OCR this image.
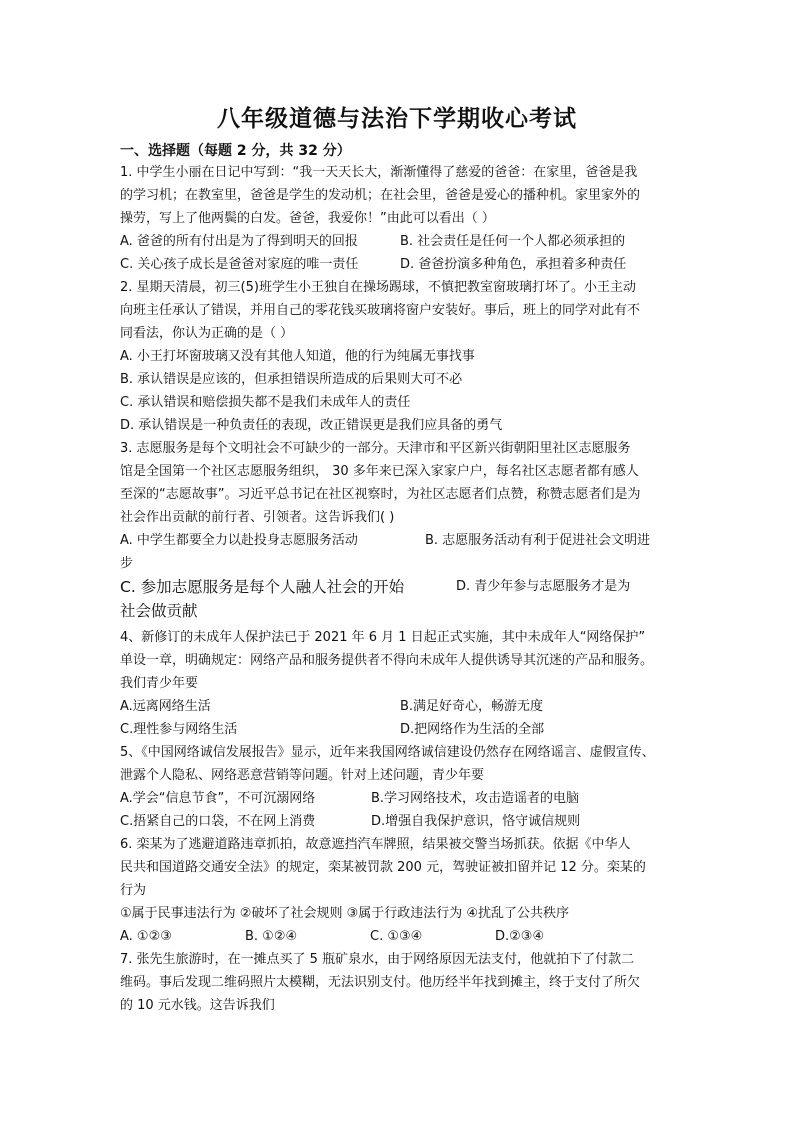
八年级道德与法治下学期收心考试
一、选择题（每题 2 分，共 32 分）
1. 中学生小丽在日记中写到：“我一天天长大，渐渐懂得了慈爱的爸爸：在家里，爸爸是我
的学习机；在教室里，爸爸是学生的发动机；在社会里，爸爸是爱心的播种机。家里家外的
操劳，写上了他两鬓的白发。爸爸，我爱你！”由此可以看出（ ）
A. 爸爸的所有付出是为了得到明天的回报	B. 社会责任是任何一个人都必须承担的
C. 关心孩子成长是爸爸对家庭的唯一责任	D. 爸爸扮演多种角色，承担着多种责任
2. 星期天清晨，初三(5)班学生小王独自在操场踢球，不慎把教室窗玻璃打坏了。小王主动
向班主任承认了错误，并用自己的零花钱买玻璃将窗户安装好。事后，班上的同学对此有不
同看法，你认为正确的是（ ）
A. 小王打坏窗玻璃又没有其他人知道，他的行为纯属无事找事
B. 承认错误是应该的，但承担错误所造成的后果则大可不必
C. 承认错误和赔偿损失都不是我们未成年人的责任
D. 承认错误是一种负责任的表现，改正错误更是我们应具备的勇气
3. 志愿服务是每个文明社会不可缺少的一部分。天津市和平区新兴街朝阳里社区志愿服务
馆是全国第一个社区志愿服务组织， 30 多年来已深入家家户户，每名社区志愿者都有感人
至深的“志愿故事”。习近平总书记在社区视察时，为社区志愿者们点赞，称赞志愿者们是为
社会作出贡献的前行者、引领者。这告诉我们( )
A. 中学生都要全力以赴投身志愿服务活动	B. 志愿服务活动有利于促进社会文明进
步
C. 参加志愿服务是每个人融人社会的开始	D. 青少年参与志愿服务才是为
社会做贡献
4、新修订的未成年人保护法已于 2021 年 6 月 1 日起正式实施，其中未成年人“网络保护”
单设一章，明确规定：网络产品和服务提供者不得向未成年人提供诱导其沉迷的产品和服务。
我们青少年要
A.远离网络生活	B.满足好奇心，畅游无度
C.理性参与网络生活	D.把网络作为生活的全部
5、《中国网络诚信发展报告》显示，近年来我国网络诚信建设仍然存在网络谣言、虚假宣传、
泄露个人隐私、网络恶意营销等问题。针对上述问题，青少年要
A.学会“信息节食”，不可沉溺网络	B.学习网络技术，攻击造谣者的电脑
C.捂紧自己的口袋，不在网上消费	D.增强自我保护意识，恪守诚信规则
6. 栾某为了逃避道路违章抓拍，故意遮挡汽车牌照，结果被交警当场抓获。依据《中华人
民共和国道路交通安全法》的规定，栾某被罚款 200 元，驾驶证被扣留并记 12 分。栾某的
行为
①属于民事违法行为 ②破坏了社会规则 ③属于行政违法行为 ④扰乱了公共秩序
A. ①②③	B. ①②④	C. ①③④	D.②③④
7. 张先生旅游时，在一摊点买了 5 瓶矿泉水，由于网络原因无法支付，他就拍下了付款二
维码。事后发现二维码照片太模糊，无法识别支付。他历经半年找到摊主，终于支付了所欠
的 10 元水钱。这告诉我们
